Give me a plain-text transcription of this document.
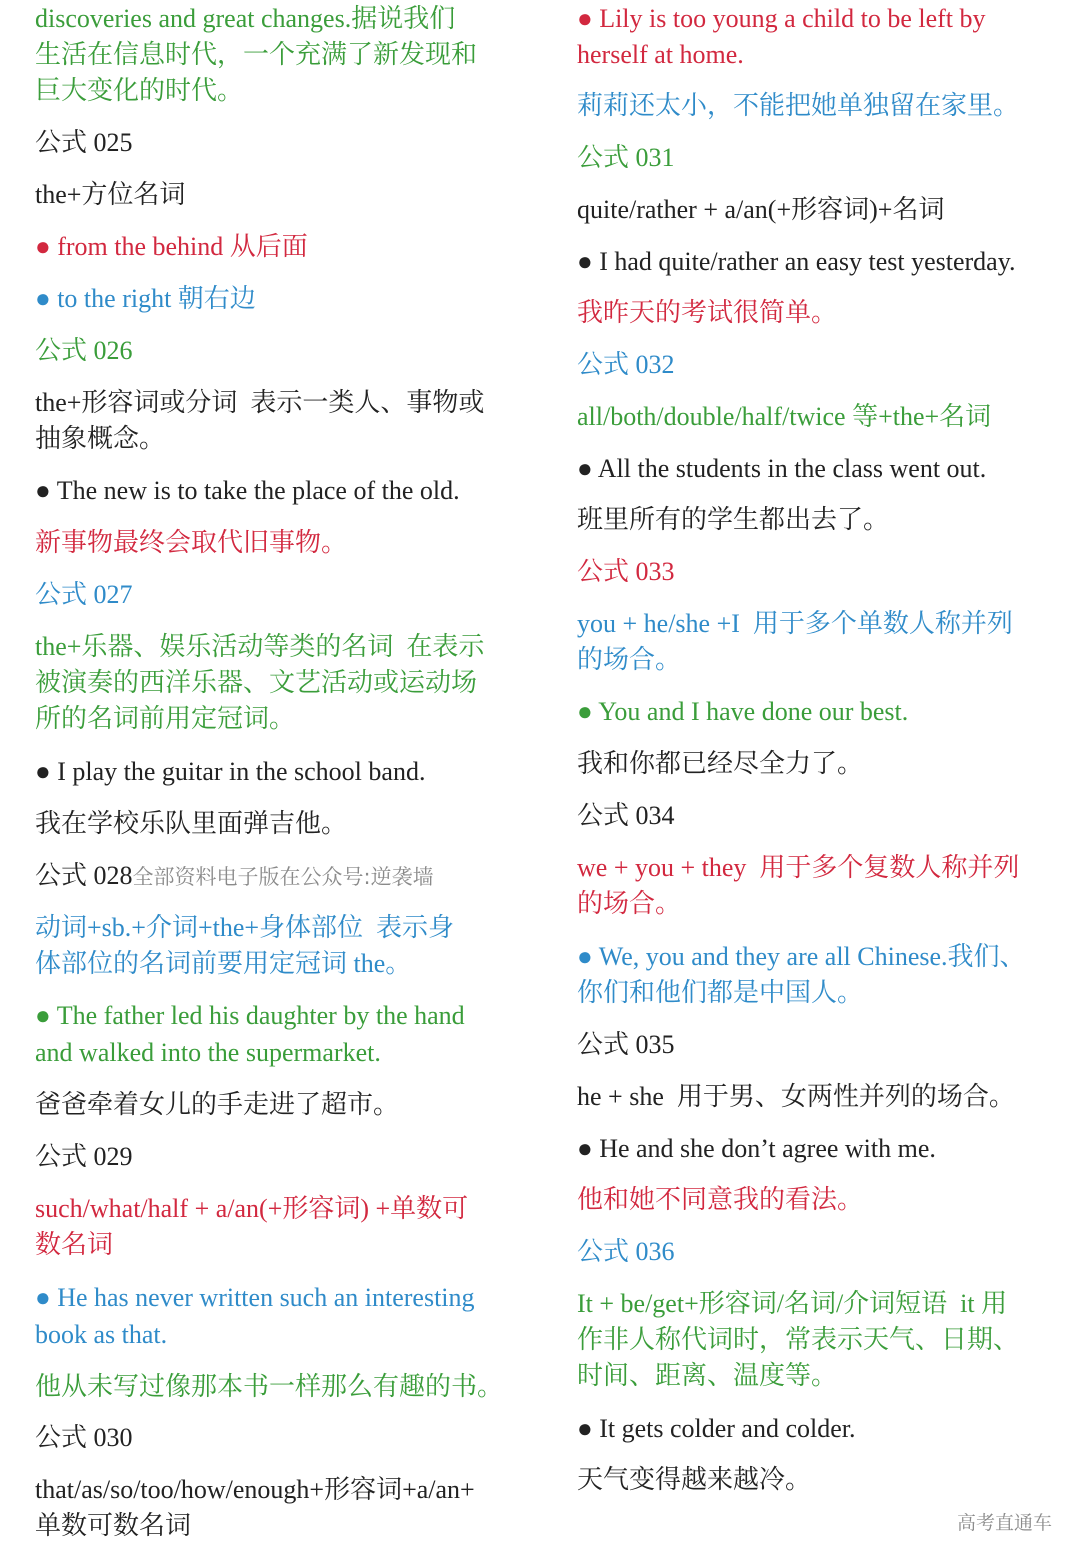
discoveries and great changes.据说我们

生活在信息时代，一个充满了新发现和

巨大变化的时代。

公式 025

the+方位名词

● from the behind 从后面

● to the right 朝右边

公式 026

the+形容词或分词  表示一类人、事物或

抽象概念。

● The new is to take the place of the old.

新事物最终会取代旧事物。

公式 027

the+乐器、娱乐活动等类的名词  在表示

被演奏的西洋乐器、文艺活动或运动场

所的名词前用定冠词。

● I play the guitar in the school band.

我在学校乐队里面弹吉他。

公式 028全部资料电子版在公众号:逆袭墙

动词+sb.+介词+the+身体部位  表示身

体部位的名词前要用定冠词 the。

● The father led his daughter by the hand

and walked into the supermarket.

爸爸牵着女儿的手走进了超市。

公式 029

such/what/half + a/an(+形容词) +单数可

数名词

● He has never written such an interesting

book as that.

他从未写过像那本书一样那么有趣的书。

公式 030

that/as/so/too/how/enough+形容词+a/an+

单数可数名词

● Lily is too young a child to be left by

herself at home.

莉莉还太小，不能把她单独留在家里。

公式 031

quite/rather + a/an(+形容词)+名词

● I had quite/rather an easy test yesterday.

我昨天的考试很简单。

公式 032

all/both/double/half/twice 等+the+名词

● All the students in the class went out.

班里所有的学生都出去了。

公式 033

you + he/she +I  用于多个单数人称并列

的场合。

● You and I have done our best.

我和你都已经尽全力了。

公式 034

we + you + they  用于多个复数人称并列

的场合。

● We, you and they are all Chinese.我们、

你们和他们都是中国人。

公式 035

he + she  用于男、女两性并列的场合。

● He and she don’t agree with me.

他和她不同意我的看法。

公式 036

It + be/get+形容词/名词/介词短语  it 用

作非人称代词时，常表示天气、日期、

时间、距离、温度等。

● It gets colder and colder.

天气变得越来越冷。

高考直通车
